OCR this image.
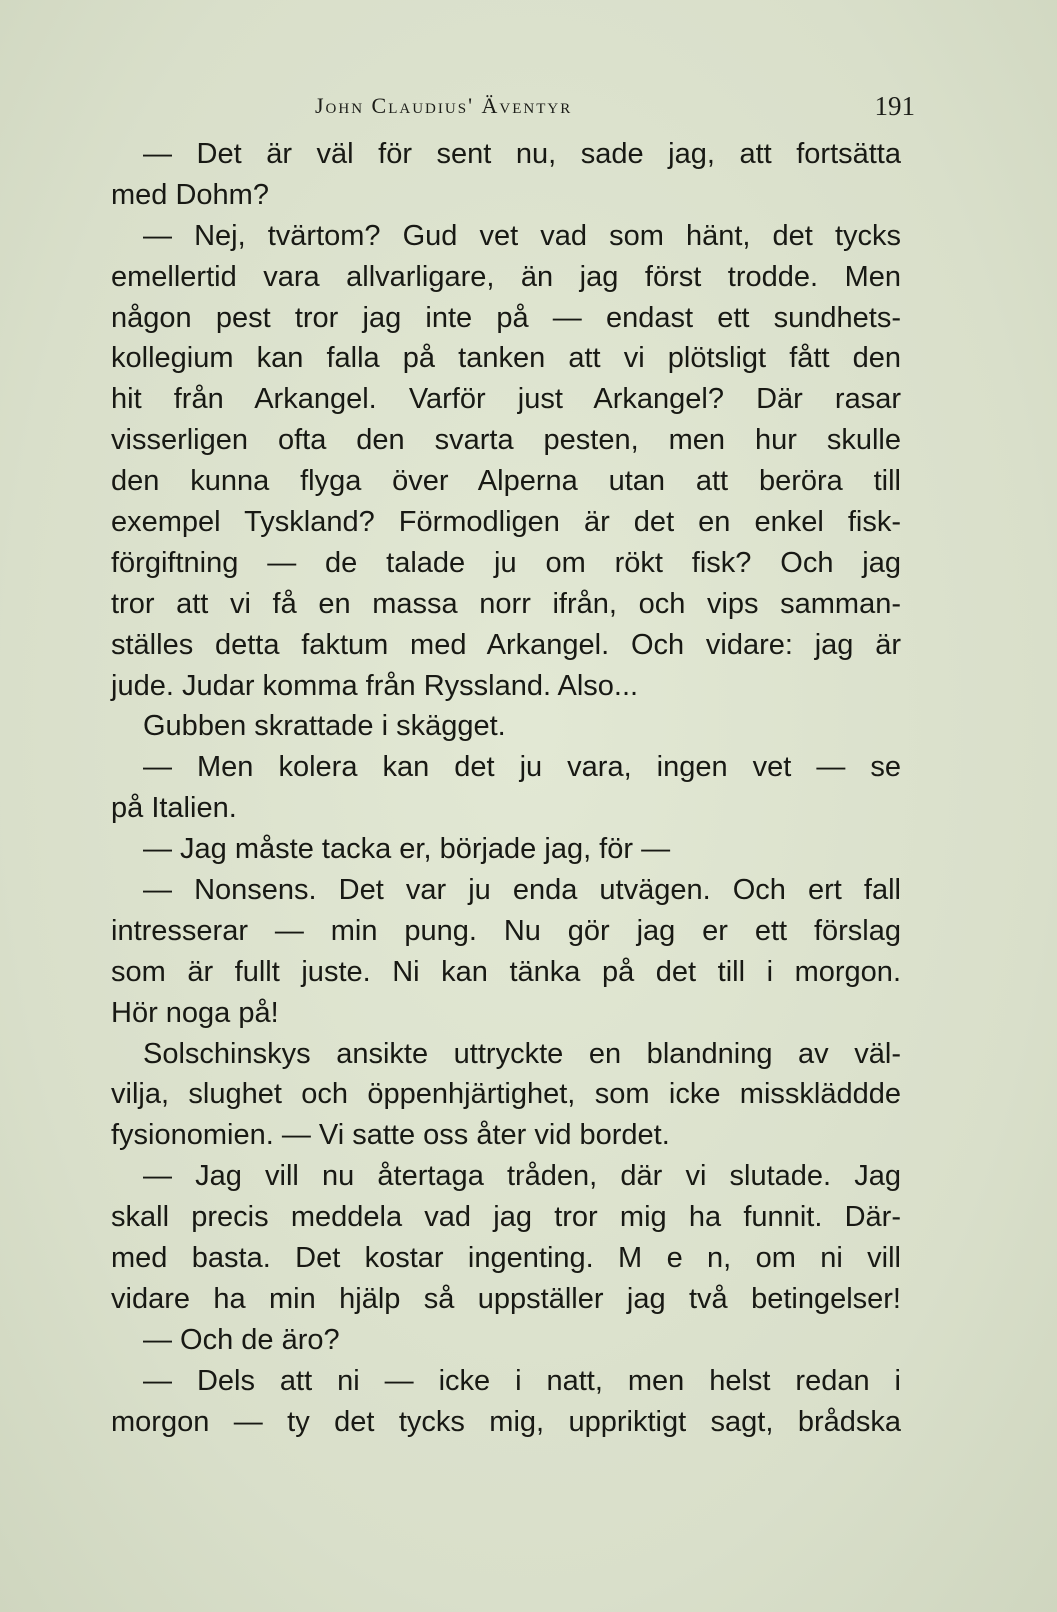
John Claudius' Äventyr	191
— Det är väl för sent nu, sade jag, att fortsätta
med Dohm?
— Nej, tvärtom? Gud vet vad som hänt, det tycks
emellertid vara allvarligare, än jag först trodde. Men
någon pest tror jag inte på — endast ett sundhets-
kollegium kan falla på tanken att vi plötsligt fått den
hit från Arkangel. Varför just Arkangel? Där rasar
visserligen ofta den svarta pesten, men hur skulle
den kunna flyga över Alperna utan att beröra till
exempel Tyskland? Förmodligen är det en enkel fisk-
förgiftning — de talade ju om rökt fisk? Och jag
tror att vi få en massa norr ifrån, och vips samman-
ställes detta faktum med Arkangel. Och vidare: jag är
jude. Judar komma från Ryssland. Also...
Gubben skrattade i skägget.
— Men kolera kan det ju vara, ingen vet — se
på Italien.
— Jag måste tacka er, började jag, för —
— Nonsens. Det var ju enda utvägen. Och ert fall
intresserar — min pung. Nu gör jag er ett förslag
som är fullt juste. Ni kan tänka på det till i morgon.
Hör noga på!
Solschinskys ansikte uttryckte en blandning av väl-
vilja, slughet och öppenhjärtighet, som icke misskläddde
fysionomien. — Vi satte oss åter vid bordet.
— Jag vill nu återtaga tråden, där vi slutade. Jag
skall precis meddela vad jag tror mig ha funnit. Där-
med basta. Det kostar ingenting. M e n, om ni vill
vidare ha min hjälp så uppställer jag två betingelser!
— Och de äro?
— Dels att ni — icke i natt, men helst redan i
morgon — ty det tycks mig, uppriktigt sagt, brådska
